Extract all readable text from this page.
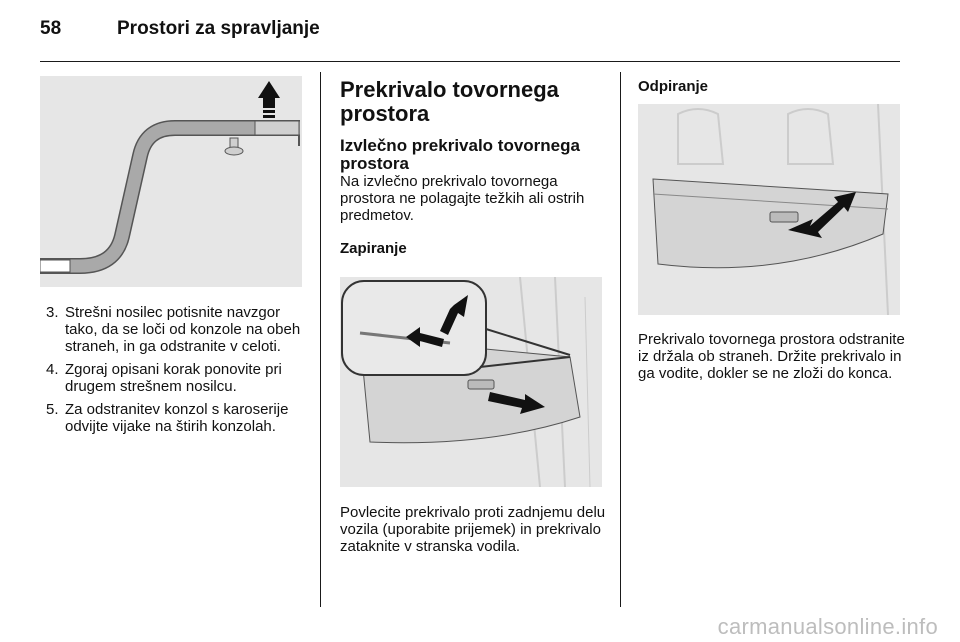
58	Prostori za spravljanje
3. Strešni nosilec potisnite navzgor tako, da se loči od konzole na obeh straneh, in ga odstranite v celoti.
4. Zgoraj opisani korak ponovite pri drugem strešnem nosilcu.
5. Za odstranitev konzol s karoserije odvijte vijake na štirih konzolah.
Prekrivalo tovornega prostora
Izvlečno prekrivalo tovornega prostora

Na izvlečno prekrivalo tovornega prostora ne polagajte težkih ali ostrih predmetov.

Zapiranje

Povlecite prekrivalo proti zadnjemu delu vozila (uporabite prijemek) in prekrivalo zataknite v stranska vodila.

Odpiranje

Prekrivalo tovornega prostora odstranite iz držala ob straneh. Držite prekrivalo in ga vodite, dokler se ne zloži do konca.

carmanualsonline.info
